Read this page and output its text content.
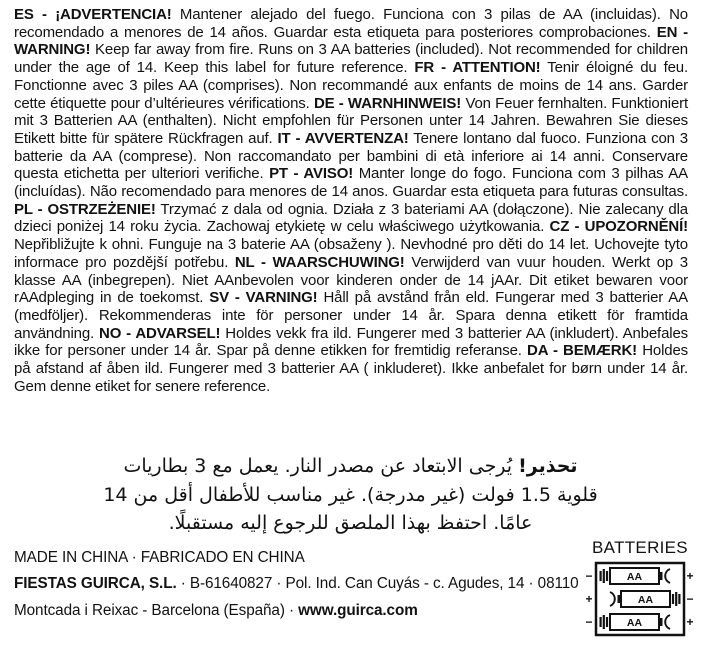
ES - ¡ADVERTENCIA! Mantener alejado del fuego. Funciona con 3 pilas de AA (incluidas). No recomendado a menores de 14 años. Guardar esta etiqueta para posteriores comprobaciones. EN - WARNING! Keep far away from fire. Runs on 3 AA batteries (included). Not recommended for children under the age of 14. Keep this label for future reference. FR - ATTENTION! Tenir éloigné du feu. Fonctionne avec 3 piles AA (comprises). Non recommandé aux enfants de moins de 14 ans. Garder cette étiquette pour d’ultérieures vérifications. DE - WARNHINWEIS! Von Feuer fernhalten. Funktioniert mit 3 Batterien AA (enthalten). Nicht empfohlen für Personen unter 14 Jahren. Bewahren Sie dieses Etikett bitte für spätere Rückfragen auf. IT - AVVERTENZA! Tenere lontano dal fuoco. Funziona con 3 batterie da AA (comprese). Non raccomandato per bambini di età inferiore ai 14 anni. Conservare questa etichetta per ulteriori verifiche. PT - AVISO! Manter longe do fogo. Funciona com 3 pilhas AA (incluídas). Não recomendado para menores de 14 anos. Guardar esta etiqueta para futuras consultas. PL - OSTRZEŻENIE! Trzymać z dala od ognia. Działa z 3 bateriami AA (dołączone). Nie zalecany dla dzieci poniżej 14 roku życia. Zachowaj etykietę w celu właściwego użytkowania. CZ - UPOZORNĚNÍ! Nepřibližujte k ohni. Funguje na 3 baterie AA (obsaženy ). Nevhodné pro děti do 14 let. Uchovejte tyto informace pro pozdější potřebu. NL - WAARSCHUWING! Verwijderd van vuur houden. Werkt op 3 klasse AA (inbegrepen). Niet AAnbevolen voor kinderen onder de 14 jAAr. Dit etiket bewaren voor rAAdpleging in de toekomst. SV - VARNING! Håll på avstånd från eld. Fungerar med 3 batterier AA (medföljer). Rekommenderas inte för personer under 14 år. Spara denna etikett för framtida användning. NO - ADVARSEL! Holdes vekk fra ild. Fungerer med 3 batterier AA (inkludert). Anbefales ikke for personer under 14 år. Spar på denne etikken for fremtidig referanse. DA - BEMÆRK! Holdes på afstand af åben ild. Fungerer med 3 batterier AA ( inkluderet). Ikke anbefalet for børn under 14 år. Gem denne etiket for senere reference.

تحذير! يُرجى الابتعاد عن مصدر النار. يعمل مع 3 بطاريات
قلوية 1.5 فولت (غير مدرجة). غير مناسب للأطفال أقل من 14
عامًا. احتفظ بهذا الملصق للرجوع إليه مستقبلًا.
MADE IN CHINA · FABRICADO EN CHINA
FIESTAS GUIRCA, S.L. · B-61640827 · Pol. Ind. Can Cuyás - c. Agudes, 14 · 08110
Montcada i Reixac - Barcelona (España) · www.guirca.com
BATTERIES
−	AA	+
+	AA	−
−	AA	+
